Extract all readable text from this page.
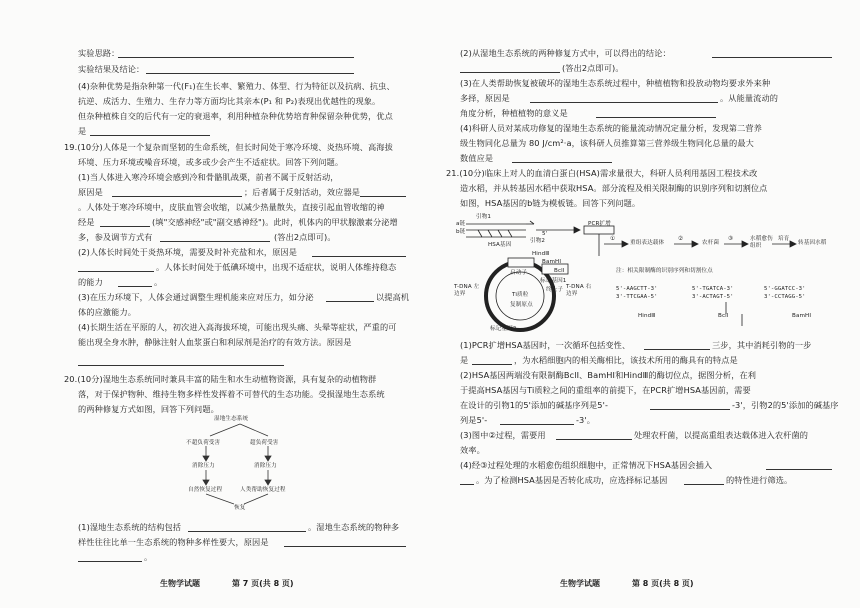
实验思路：
实验结果及结论：
(4)杂种优势是指杂种第一代(F₁)在生长率、繁殖力、体型、行为特征以及抗病、抗虫、
抗逆、成活力、生殖力、生存力等方面均比其亲本(P₁ 和 P₂)表现出优越性的现象。
但杂种植株自交的后代有一定的衰退率，利用种植杂种优势培育种保留杂种优势，优点
是
19.(10分)人体是一个复杂而坚韧的生命系统，但长时间处于寒冷环境、炎热环境、高海拔
环境、压力环境或噪音环境，或多或少会产生不适症状。回答下列问题。
(1)当人体进入寒冷环境会感到冷和骨骼肌战栗，前者不属于反射活动，
原因是	；后者属于反射活动，效应器是
。人体处于寒冷环境中，皮肤血管会收缩，以减少热量散失，直接引起血管收缩的神
经是	(填"交感神经"或"副交感神经")。此时，机体内的甲状腺激素分泌增
多，参及调节方式有	(答出2点即可)。
(2)人体长时间处于炎热环境，需要及时补充盐和水，原因是
。人体长时间处于低碘环境中，出现不适症状，说明人体维持稳态
的能力	。
(3)在压力环境下，人体会通过调整生理机能来应对压力，如分泌	以提高机
体的应激能力。
(4)长期生活在平原的人，初次进入高海拔环境，可能出现头痛、头晕等症状，严重的可
能出现全身水肿，静脉注射人血浆蛋白和利尿剂是治疗的有效方法。原因是
20.(10分)湿地生态系统同时兼具丰富的陆生和水生动植物资源，具有复杂的动植物群
落，对于保护物种、维持生物多样性发挥着不可替代的生态功能。受损湿地生态系统
的两种修复方式如图，回答下列问题。
湿地生态系统
不超负荷受害	超负荷受害
消除压力	消除压力
自然恢复过程	人类帮助恢复过程
恢复
(1)湿地生态系统的结构包括	。湿地生态系统的物种多
样性往往比单一生态系统的物种多样性要大，原因是
。
生物学试题	第 7 页(共 8 页)
(2)从湿地生态系统的两种修复方式中，可以得出的结论：
(答出2点即可)。
(3)在人类帮助恢复被破坏的湿地生态系统过程中，种植植物和投放动物均要求外来种
多择，原因是	。从能量流动的
角度分析，种植植物的意义是
(4)科研人员对某成功修复的湿地生态系统的能量流动情况定量分析，发现第二营养
级生物同化总量为 80 J/cm²·a，该科研人员推算第三营养级生物同化总量的最大
数值应是
21.(10分)临床上对人的血清白蛋白(HSA)需求量很大，科研人员利用基因工程技术改
造水稻，并从转基因水稻中获取HSA。部分流程及相关限制酶的识别序列和切割位点
如图，HSA基因的b链为模板链。回答下列问题。
引物1
a链
b链
HSA基因
引物2
5'
PCR扩增
①
重组表达载体
②
农杆菌
③	水稻愈伤组织
培育
转基因水稻
HindⅢ
BamHⅠ
BclⅠ
启动子
标记基因1
终止子
Ti质粒
复制原点
T-DNA 左边界
T-DNA 右边界
标记基因2
注：相关限制酶的识别序列和切割位点
5'-AAGCTT-3'
3'-TTCGAA-5'
HindⅢ
5'-TGATCA-3'
3'-ACTAGT-5'
BclⅠ
5'-GGATCC-3'
3'-CCTAGG-5'
BamHⅠ
(1)PCR扩增HSA基因时，一次循环包括变性、	三步，其中消耗引物的一步
是	，为水稻细胞内的相关酶相比，该技术所用的酶具有的特点是
(2)HSA基因两端没有限制酶BclⅠ、BamHⅠ和HindⅢ的酶切位点，据图分析，在利
于提高HSA基因与Ti质粒之间的重组率的前提下，在PCR扩增HSA基因前，需要
在设计的引物1的5'添加的碱基序列是5'-	-3'，引物2的5'添加的碱基序
列是5'-	-3'。
(3)图中②过程，需要用	处理农杆菌，以提高重组表达载体进入农杆菌的
效率。
(4)经③过程处理的水稻愈伤组织细胞中，正常情况下HSA基因会插入
。为了检测HSA基因是否转化成功，应选择标记基因	的特性进行筛选。
生物学试题	第 8 页(共 8 页)
